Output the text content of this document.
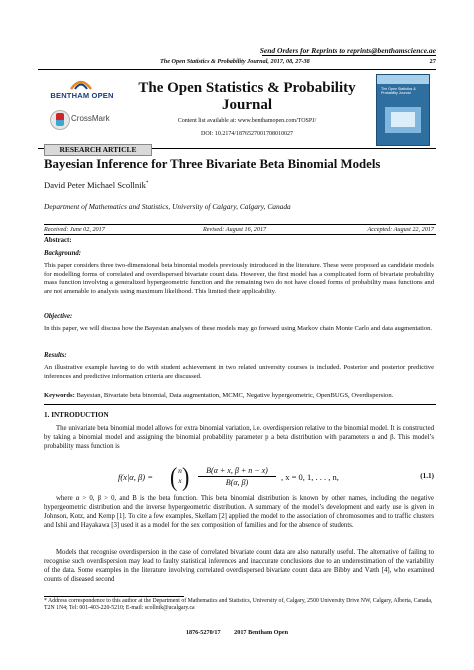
Send Orders for Reprints to reprints@benthamscience.ae
The Open Statistics & Probability Journal, 2017, 08, 27-38	27
BENTHAM OPEN
CrossMark
The Open Statistics & Probability Journal
Content list available at: www.benthamopen.com/TOSPJ/
DOI: 10.2174/1876527001708010027
The Open Statistics & Probability Journal
RESEARCH ARTICLE
Bayesian Inference for Three Bivariate Beta Binomial Models
David Peter Michael Scollnik*
Department of Mathematics and Statistics, University of Calgary, Calgary, Canada
Received: June 02, 2017	Revised: August 16, 2017	Accepted: August 22, 2017
Abstract:
Background:
This paper considers three two-dimensional beta binomial models previously introduced in the literature. These were proposed as candidate models for modelling forms of correlated and overdispersed bivariate count data. However, the first model has a complicated form of bivariate probability mass function involving a generalized hypergeometric function and the remaining two do not have closed forms of probability mass functions and are not amenable to analysis using maximum likelihood. This limited their applicability.
Objective:
In this paper, we will discuss how the Bayesian analyses of these models may go forward using Markov chain Monte Carlo and data augmentation.
Results:
An illustrative example having to do with student achievement in two related university courses is included. Posterior and posterior predictive inferences and predictive information criteria are discussed.
Keywords: Bayesian, Bivariate beta binomial, Data augmentation, MCMC, Negative hypergeometric, OpenBUGS, Overdispersion.
1. INTRODUCTION
The univariate beta binomial model allows for extra binomial variation, i.e. overdispersion relative to the binomial model. It is constructed by taking a binomial model and assigning the binomial probability parameter p a beta distribution with parameters α and β. This model’s probability mass function is
f(x|α, β) = ( n
x ) $\frac{B(\alpha + x, \beta + n - x)}{B(\alpha, \beta)}$ , x = 0, 1, . . . , n,	(1.1)
where α > 0, β > 0, and B is the beta function. This beta binomial distribution is known by other names, including the negative hypergeometric distribution and the inverse hypergeometric distribution. A summary of the model’s development and early use is given in Johnson, Kotz, and Kemp [1]. To cite a few examples, Skellam [2] applied the model to the association of chromosomes and to traffic clusters and Ishii and Hayakawa [3] used it as a model for the sex composition of families and for the absence of students.
Models that recognise overdispersion in the case of correlated bivariate count data are also naturally useful. The alternative of failing to recognise such overdispersion may lead to faulty statistical inferences and inaccurate conclusions due to an underestimation of the variability of the data. Some examples in the literature involving correlated overdispersed bivariate count data are Bibby and Væth [4], who examined counts of diseased second
* Address correspondence to this author at the Department of Mathematics and Statistics, University of, Calgary, 2500 University Drive NW, Calgary, Alberta, Canada, T2N 1N4; Tel: 001-403-220-5210; E-mail: scollnik@ucalgary.ca
1876-5270/17 2017 Bentham Open
